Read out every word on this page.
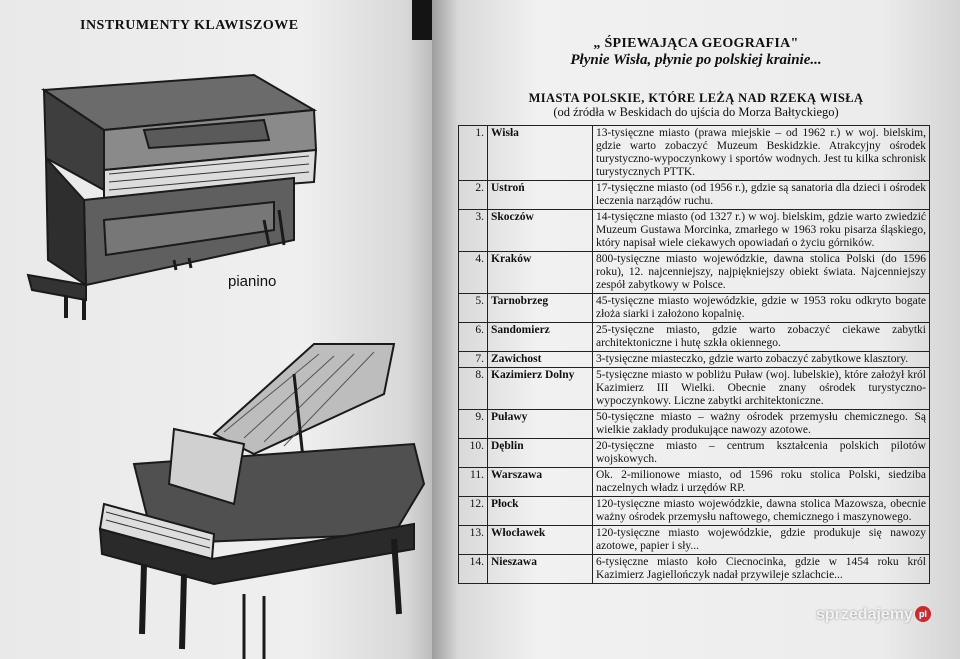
INSTRUMENTY KLAWISZOWE
pianino
„ ŚPIEWAJĄCA GEOGRAFIA"
Płynie Wisła, płynie po polskiej krainie...
MIASTA POLSKIE, KTÓRE LEŻĄ NAD RZEKĄ WISŁĄ
(od źródła w Beskidach do ujścia do Morza Bałtyckiego)
1.	Wisła	13-tysięczne miasto (prawa miejskie – od 1962 r.) w woj. bielskim, gdzie warto zobaczyć Muzeum Beskidzkie. Atrakcyjny ośrodek turystyczno-wypoczynkowy i sportów wodnych. Jest tu kilka schronisk turystycznych PTTK.
2.	Ustroń	17-tysięczne miasto (od 1956 r.), gdzie są sanatoria dla dzieci i ośrodek leczenia narządów ruchu.
3.	Skoczów	14-tysięczne miasto (od 1327 r.) w woj. bielskim, gdzie warto zwiedzić Muzeum Gustawa Morcinka, zmarłego w 1963 roku pisarza śląskiego, który napisał wiele ciekawych opowiadań o życiu górników.
4.	Kraków	800-tysięczne miasto wojewódzkie, dawna stolica Polski (do 1596 roku), 12. najcenniejszy, najpiękniejszy obiekt świata. Najcenniejszy zespół zabytkowy w Polsce.
5.	Tarnobrzeg	45-tysięczne miasto wojewódzkie, gdzie w 1953 roku odkryto bogate złoża siarki i założono kopalnię.
6.	Sandomierz	25-tysięczne miasto, gdzie warto zobaczyć ciekawe zabytki architektoniczne i hutę szkła okiennego.
7.	Zawichost	3-tysięczne miasteczko, gdzie warto zobaczyć zabytkowe klasztory.
8.	Kazimierz Dolny	5-tysięczne miasto w pobliżu Puław (woj. lubelskie), które założył król Kazimierz III Wielki. Obecnie znany ośrodek turystyczno-wypoczynkowy. Liczne zabytki architektoniczne.
9.	Puławy	50-tysięczne miasto – ważny ośrodek przemysłu chemicznego. Są wielkie zakłady produkujące nawozy azotowe.
10.	Dęblin	20-tysięczne miasto – centrum kształcenia polskich pilotów wojskowych.
11.	Warszawa	Ok. 2-milionowe miasto, od 1596 roku stolica Polski, siedziba naczelnych władz i urzędów RP.
12.	Płock	120-tysięczne miasto wojewódzkie, dawna stolica Mazowsza, obecnie ważny ośrodek przemysłu naftowego, chemicznego i maszynowego.
13.	Włocławek	120-tysięczne miasto wojewódzkie, gdzie produkuje się nawozy azotowe, papier i sły...
14.	Nieszawa	6-tysięczne miasto koło Ciecnocinka, gdzie w 1454 roku król Kazimierz Jagiellończyk nadał przywileje szlachcie...
sprzedajemy pl
